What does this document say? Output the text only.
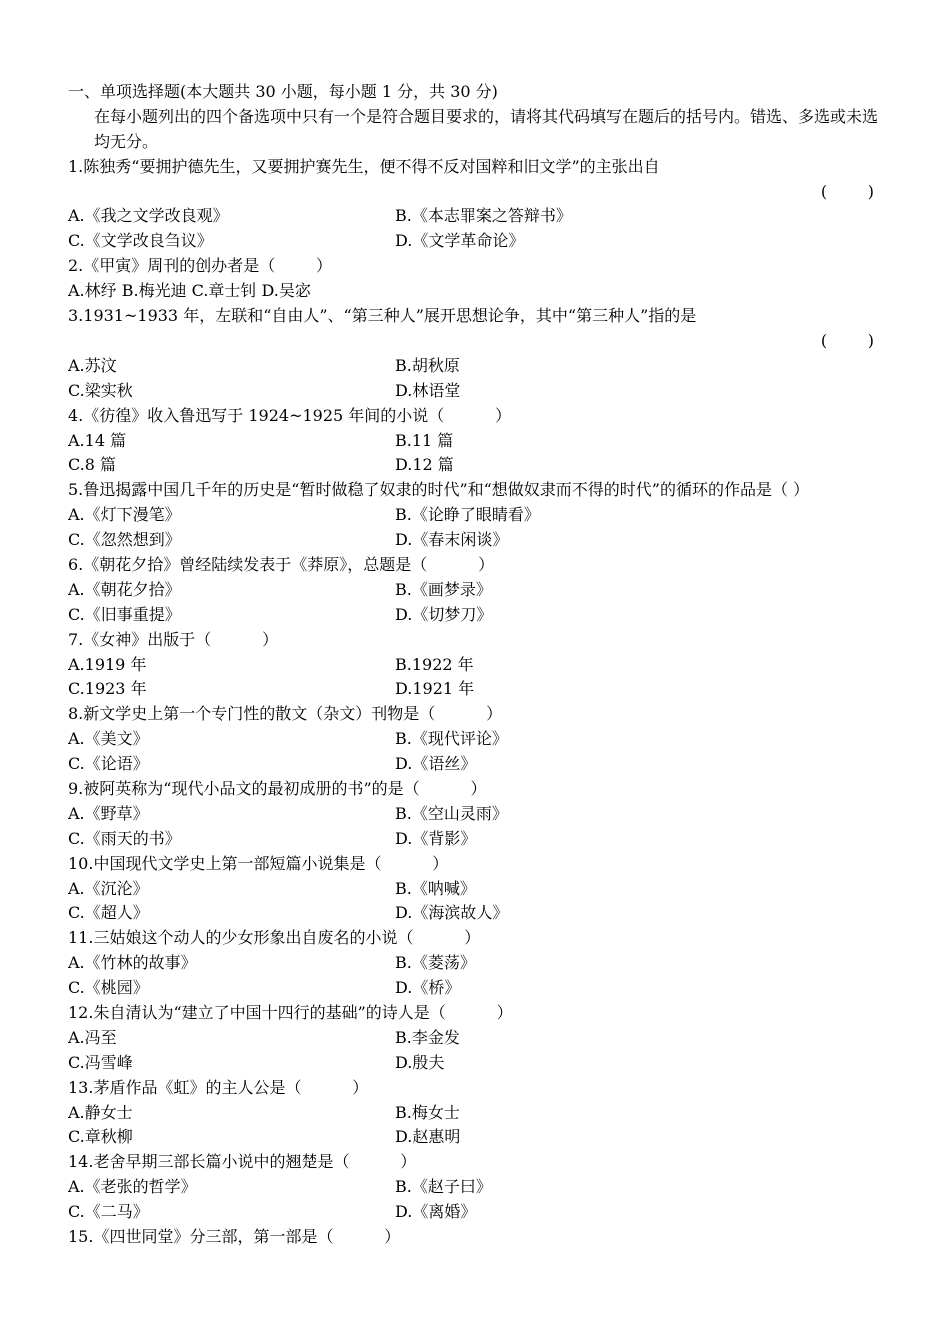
一、单项选择题(本大题共 30 小题，每小题 1 分，共 30 分)
在每小题列出的四个备选项中只有一个是符合题目要求的，请将其代码填写在题后的括号内。错选、多选或未选均无分。
1.陈独秀“要拥护德先生，又要拥护赛先生，便不得不反对国粹和旧文学”的主张出自
(        )
A.《我之文学改良观》	B.《本志罪案之答辩书》
C.《文学改良刍议》	D.《文学革命论》
2.《甲寅》周刊的创办者是（        ）
A.林纾 B.梅光迪 C.章士钊 D.吴宓
3.1931~1933 年，左联和“自由人”、“第三种人”展开思想论争，其中“第三种人”指的是
(        )
A.苏汶	B.胡秋原
C.梁实秋	D.林语堂
4.《彷徨》收入鲁迅写于 1924~1925 年间的小说（          ）
A.14 篇	B.11 篇
C.8 篇	D.12 篇
5.鲁迅揭露中国几千年的历史是“暂时做稳了奴隶的时代”和“想做奴隶而不得的时代”的循环的作品是（ ）
A.《灯下漫笔》	B.《论睁了眼睛看》
C.《忽然想到》	D.《春末闲谈》
6.《朝花夕拾》曾经陆续发表于《莽原》，总题是（          ）
A.《朝花夕拾》	B.《画梦录》
C.《旧事重提》	D.《切梦刀》
7.《女神》出版于（          ）
A.1919 年	B.1922 年
C.1923 年	D.1921 年
8.新文学史上第一个专门性的散文（杂文）刊物是（          ）
A.《美文》	B.《现代评论》
C.《论语》	D.《语丝》
9.被阿英称为“现代小品文的最初成册的书”的是（          ）
A.《野草》	B.《空山灵雨》
C.《雨天的书》	D.《背影》
10.中国现代文学史上第一部短篇小说集是（          ）
A.《沉沦》	B.《呐喊》
C.《超人》	D.《海滨故人》
11.三姑娘这个动人的少女形象出自废名的小说（          ）
A.《竹林的故事》	B.《菱荡》
C.《桃园》	D.《桥》
12.朱自清认为“建立了中国十四行的基础”的诗人是（          ）
A.冯至	B.李金发
C.冯雪峰	D.殷夫
13.茅盾作品《虹》的主人公是（          ）
A.静女士	B.梅女士
C.章秋柳	D.赵惠明
14.老舍早期三部长篇小说中的翘楚是（          ）
A.《老张的哲学》	B.《赵子曰》
C.《二马》	D.《离婚》
15.《四世同堂》分三部，第一部是（          ）
